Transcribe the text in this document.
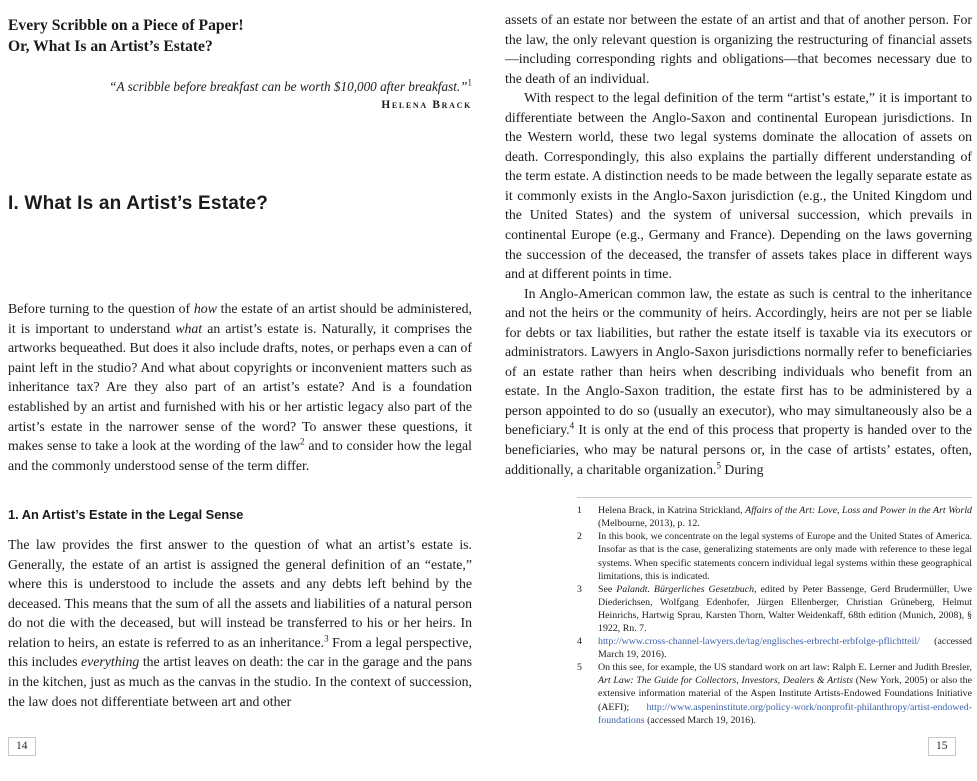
Every Scribble on a Piece of Paper!
Or, What Is an Artist’s Estate?
“A scribble before breakfast can be worth $10,000 after breakfast.”$^1$
Helena Brack
I. What Is an Artist’s Estate?
Before turning to the question of how the estate of an artist should be administered, it is important to understand what an artist’s estate is. Naturally, it comprises the artworks bequeathed. But does it also include drafts, notes, or perhaps even a can of paint left in the studio? And what about copyrights or inconvenient matters such as inheritance tax? Are they also part of an artist’s estate? And is a foundation established by an artist and furnished with his or her artistic legacy also part of the artist’s estate in the narrower sense of the word? To answer these questions, it makes sense to take a look at the wording of the law$^2$ and to consider how the legal and the commonly understood sense of the term differ.
1. An Artist’s Estate in the Legal Sense
The law provides the first answer to the question of what an artist’s estate is. Generally, the estate of an artist is assigned the general definition of an “estate,” where this is understood to include the assets and any debts left behind by the deceased. This means that the sum of all the assets and liabilities of a natural person do not die with the deceased, but will instead be transferred to his or her heirs. In relation to heirs, an estate is referred to as an inheritance.$^3$ From a legal perspective, this includes everything the artist leaves on death: the car in the garage and the pans in the kitchen, just as much as the canvas in the studio. In the context of succession, the law does not differentiate between art and other
assets of an estate nor between the estate of an artist and that of another person. For the law, the only relevant question is organizing the restructuring of financial assets—including corresponding rights and obligations—that becomes necessary due to the death of an individual.
With respect to the legal definition of the term “artist’s estate,” it is important to differentiate between the Anglo-Saxon and continental European jurisdictions. In the Western world, these two legal systems dominate the allocation of assets on death. Correspondingly, this also explains the partially different understanding of the term estate. A distinction needs to be made between the legally separate estate as it commonly exists in the Anglo-Saxon jurisdiction (e.g., the United Kingdom und the United States) and the system of universal succession, which prevails in continental Europe (e.g., Germany and France). Depending on the laws governing the succession of the deceased, the transfer of assets takes place in different ways and at different points in time.
In Anglo-American common law, the estate as such is central to the inheritance and not the heirs or the community of heirs. Accordingly, heirs are not per se liable for debts or tax liabilities, but rather the estate itself is taxable via its executors or administrators. Lawyers in Anglo-Saxon jurisdictions normally refer to beneficiaries of an estate rather than heirs when describing individuals who benefit from an estate. In the Anglo-Saxon tradition, the estate first has to be administered by a person appointed to do so (usually an executor), who may simultaneously also be a beneficiary.$^4$ It is only at the end of this process that property is handed over to the beneficiaries, who may be natural persons or, in the case of artists’ estates, often, additionally, a charitable organization.$^5$ During
1	Helena Brack, in Katrina Strickland, Affairs of the Art: Love, Loss and Power in the Art World (Melbourne, 2013), p. 12.
2	In this book, we concentrate on the legal systems of Europe and the United States of America. Insofar as that is the case, generalizing statements are only made with reference to these legal systems. When specific statements concern individual legal systems within these geographical limitations, this is indicated.
3	See Palandt. Bürgerliches Gesetzbuch, edited by Peter Bassenge, Gerd Brudermüller, Uwe Diederichsen, Wolfgang Edenhofer, Jürgen Ellenberger, Christian Grüneberg, Helmut Heinrichs, Hartwig Sprau, Karsten Thorn, Walter Weidenkaff, 68th edition (Munich, 2008), § 1922, Rn. 7.
4	http://www.cross-channel-lawyers.de/tag/englisches-erbrecht-erbfolge-pflichtteil/ (accessed March 19, 2016).
5	On this see, for example, the US standard work on art law: Ralph E. Lerner and Judith Bresler, Art Law: The Guide for Collectors, Investors, Dealers & Artists (New York, 2005) or also the extensive information material of the Aspen Institute Artists-Endowed Foundations Initiative (AEFI); http://www.aspeninstitute.org/policy-work/nonprofit-philanthropy/artist-endowed-foundations (accessed March 19, 2016).
14	15
